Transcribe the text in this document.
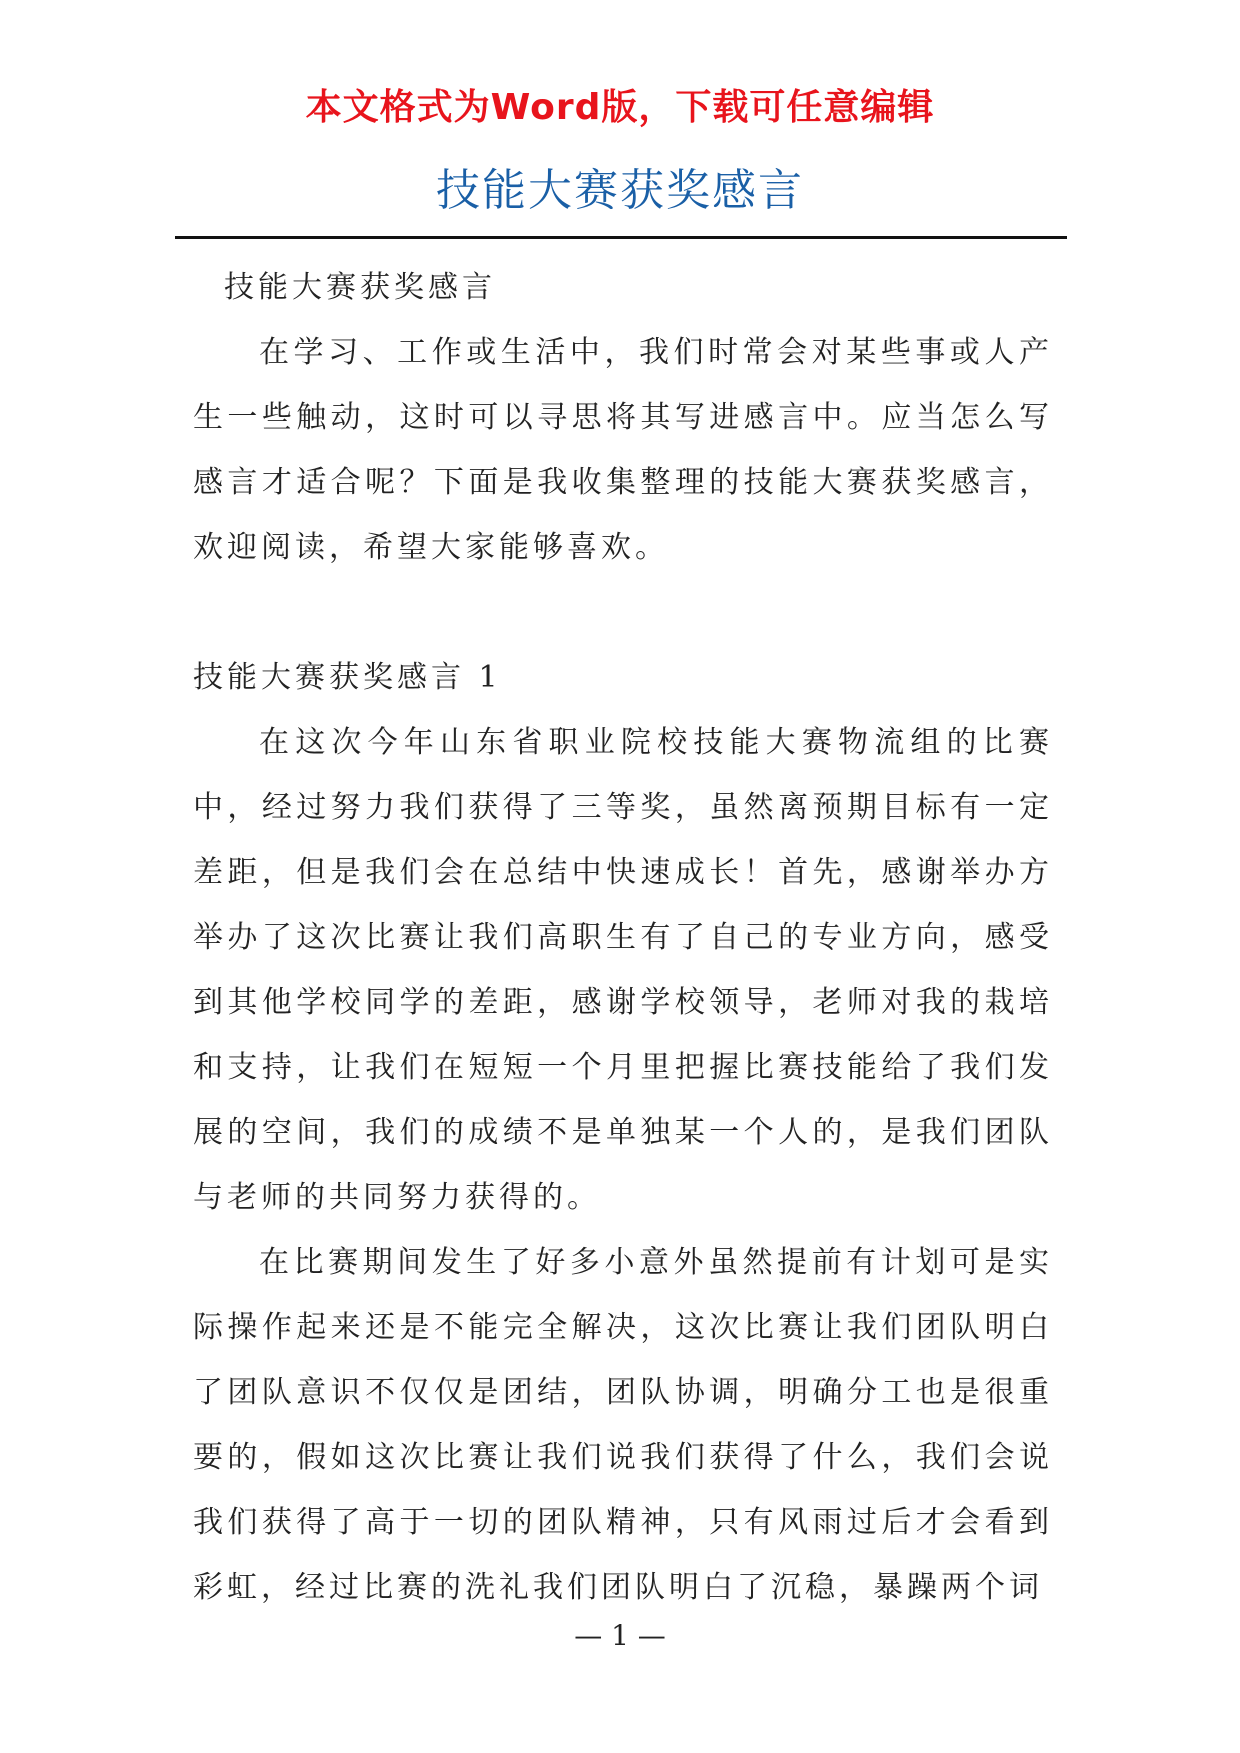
本文格式为Word版，下载可任意编辑
技能大赛获奖感言

技能大赛获奖感言

在学习、工作或生活中，我们时常会对某些事或人产生一些触动，这时可以寻思将其写进感言中。应当怎么写感言才适合呢？下面是我收集整理的技能大赛获奖感言，欢迎阅读，希望大家能够喜欢。

技能大赛获奖感言 1

在这次今年山东省职业院校技能大赛物流组的比赛中，经过努力我们获得了三等奖，虽然离预期目标有一定差距，但是我们会在总结中快速成长！首先，感谢举办方举办了这次比赛让我们高职生有了自己的专业方向，感受到其他学校同学的差距，感谢学校领导，老师对我的栽培和支持，让我们在短短一个月里把握比赛技能给了我们发展的空间，我们的成绩不是单独某一个人的，是我们团队与老师的共同努力获得的。

在比赛期间发生了好多小意外虽然提前有计划可是实际操作起来还是不能完全解决，这次比赛让我们团队明白了团队意识不仅仅是团结，团队协调，明确分工也是很重要的，假如这次比赛让我们说我们获得了什么，我们会说我们获得了高于一切的团队精神，只有风雨过后才会看到彩虹，经过比赛的洗礼我们团队明白了沉稳，暴躁两个词

— 1 —
